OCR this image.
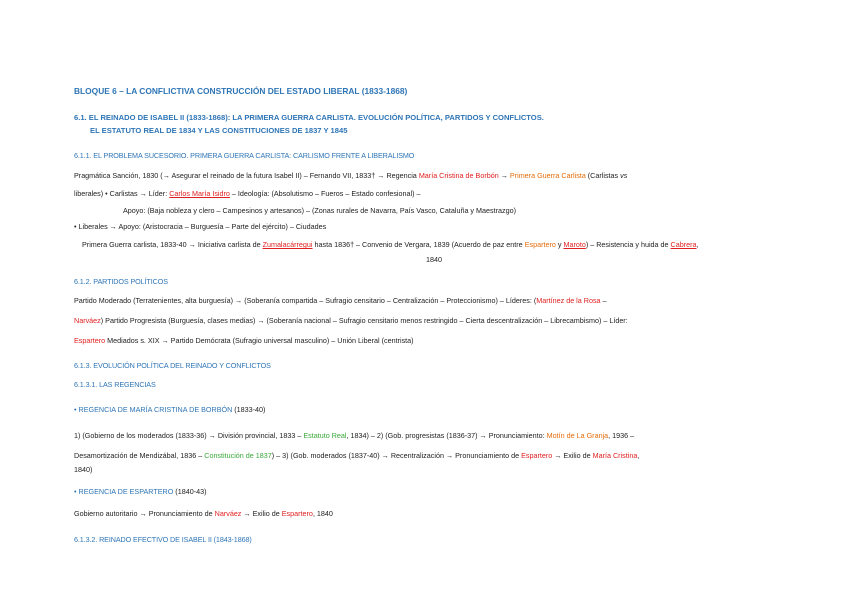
BLOQUE 6 – LA CONFLICTIVA CONSTRUCCIÓN DEL ESTADO LIBERAL (1833-1868)
6.1. EL REINADO DE ISABEL II (1833-1868): LA PRIMERA GUERRA CARLISTA. EVOLUCIÓN POLÍTICA, PARTIDOS Y CONFLICTOS.
EL ESTATUTO REAL DE 1834 Y LAS CONSTITUCIONES DE 1837 Y 1845
6.1.1. EL PROBLEMA SUCESORIO. PRIMERA GUERRA CARLISTA: CARLISMO FRENTE A LIBERALISMO
Pragmática Sanción, 1830 (→ Asegurar el reinado de la futura Isabel II) – Fernando VII, 1833† → Regencia María Cristina de Borbón → Primera Guerra Carlista (Carlistas vs
liberales) • Carlistas → Líder: Carlos María Isidro – Ideología: (Absolutismo – Fueros – Estado confesional) –
Apoyo: (Baja nobleza y clero – Campesinos y artesanos) – (Zonas rurales de Navarra, País Vasco, Cataluña y Maestrazgo)
• Liberales → Apoyo: (Aristocracia – Burguesía – Parte del ejército) – Ciudades
Primera Guerra carlista, 1833-40 → Iniciativa carlista de Zumalacárregui hasta 1836† – Convenio de Vergara, 1839 (Acuerdo de paz entre Espartero y Maroto) – Resistencia y huida de Cabrera,
1840
6.1.2. PARTIDOS POLÍTICOS
Partido Moderado (Terratenientes, alta burguesía) → (Soberanía compartida – Sufragio censitario – Centralización – Proteccionismo) – Líderes: (Martínez de la Rosa –
Narváez) Partido Progresista (Burguesía, clases medias) → (Soberanía nacional – Sufragio censitario menos restringido – Cierta descentralización – Librecambismo) – Líder:
Espartero Mediados s. XIX → Partido Demócrata (Sufragio universal masculino) – Unión Liberal (centrista)
6.1.3. EVOLUCIÓN POLÍTICA DEL REINADO Y CONFLICTOS
6.1.3.1. LAS REGENCIAS
• REGENCIA DE MARÍA CRISTINA DE BORBÓN (1833-40)
1) (Gobierno de los moderados (1833-36) → División provincial, 1833 – Estatuto Real, 1834) – 2) (Gob. progresistas (1836-37) → Pronunciamiento: Motín de La Granja, 1936 –
Desamortización de Mendizábal, 1836 – Constitución de 1837) – 3) (Gob. moderados (1837-40) → Recentralización → Pronunciamiento de Espartero → Exilio de María Cristina,
1840)
• REGENCIA DE ESPARTERO (1840-43)
Gobierno autoritario → Pronunciamiento de Narváez → Exilio de Espartero, 1840
6.1.3.2. REINADO EFECTIVO DE ISABEL II (1843-1868)
